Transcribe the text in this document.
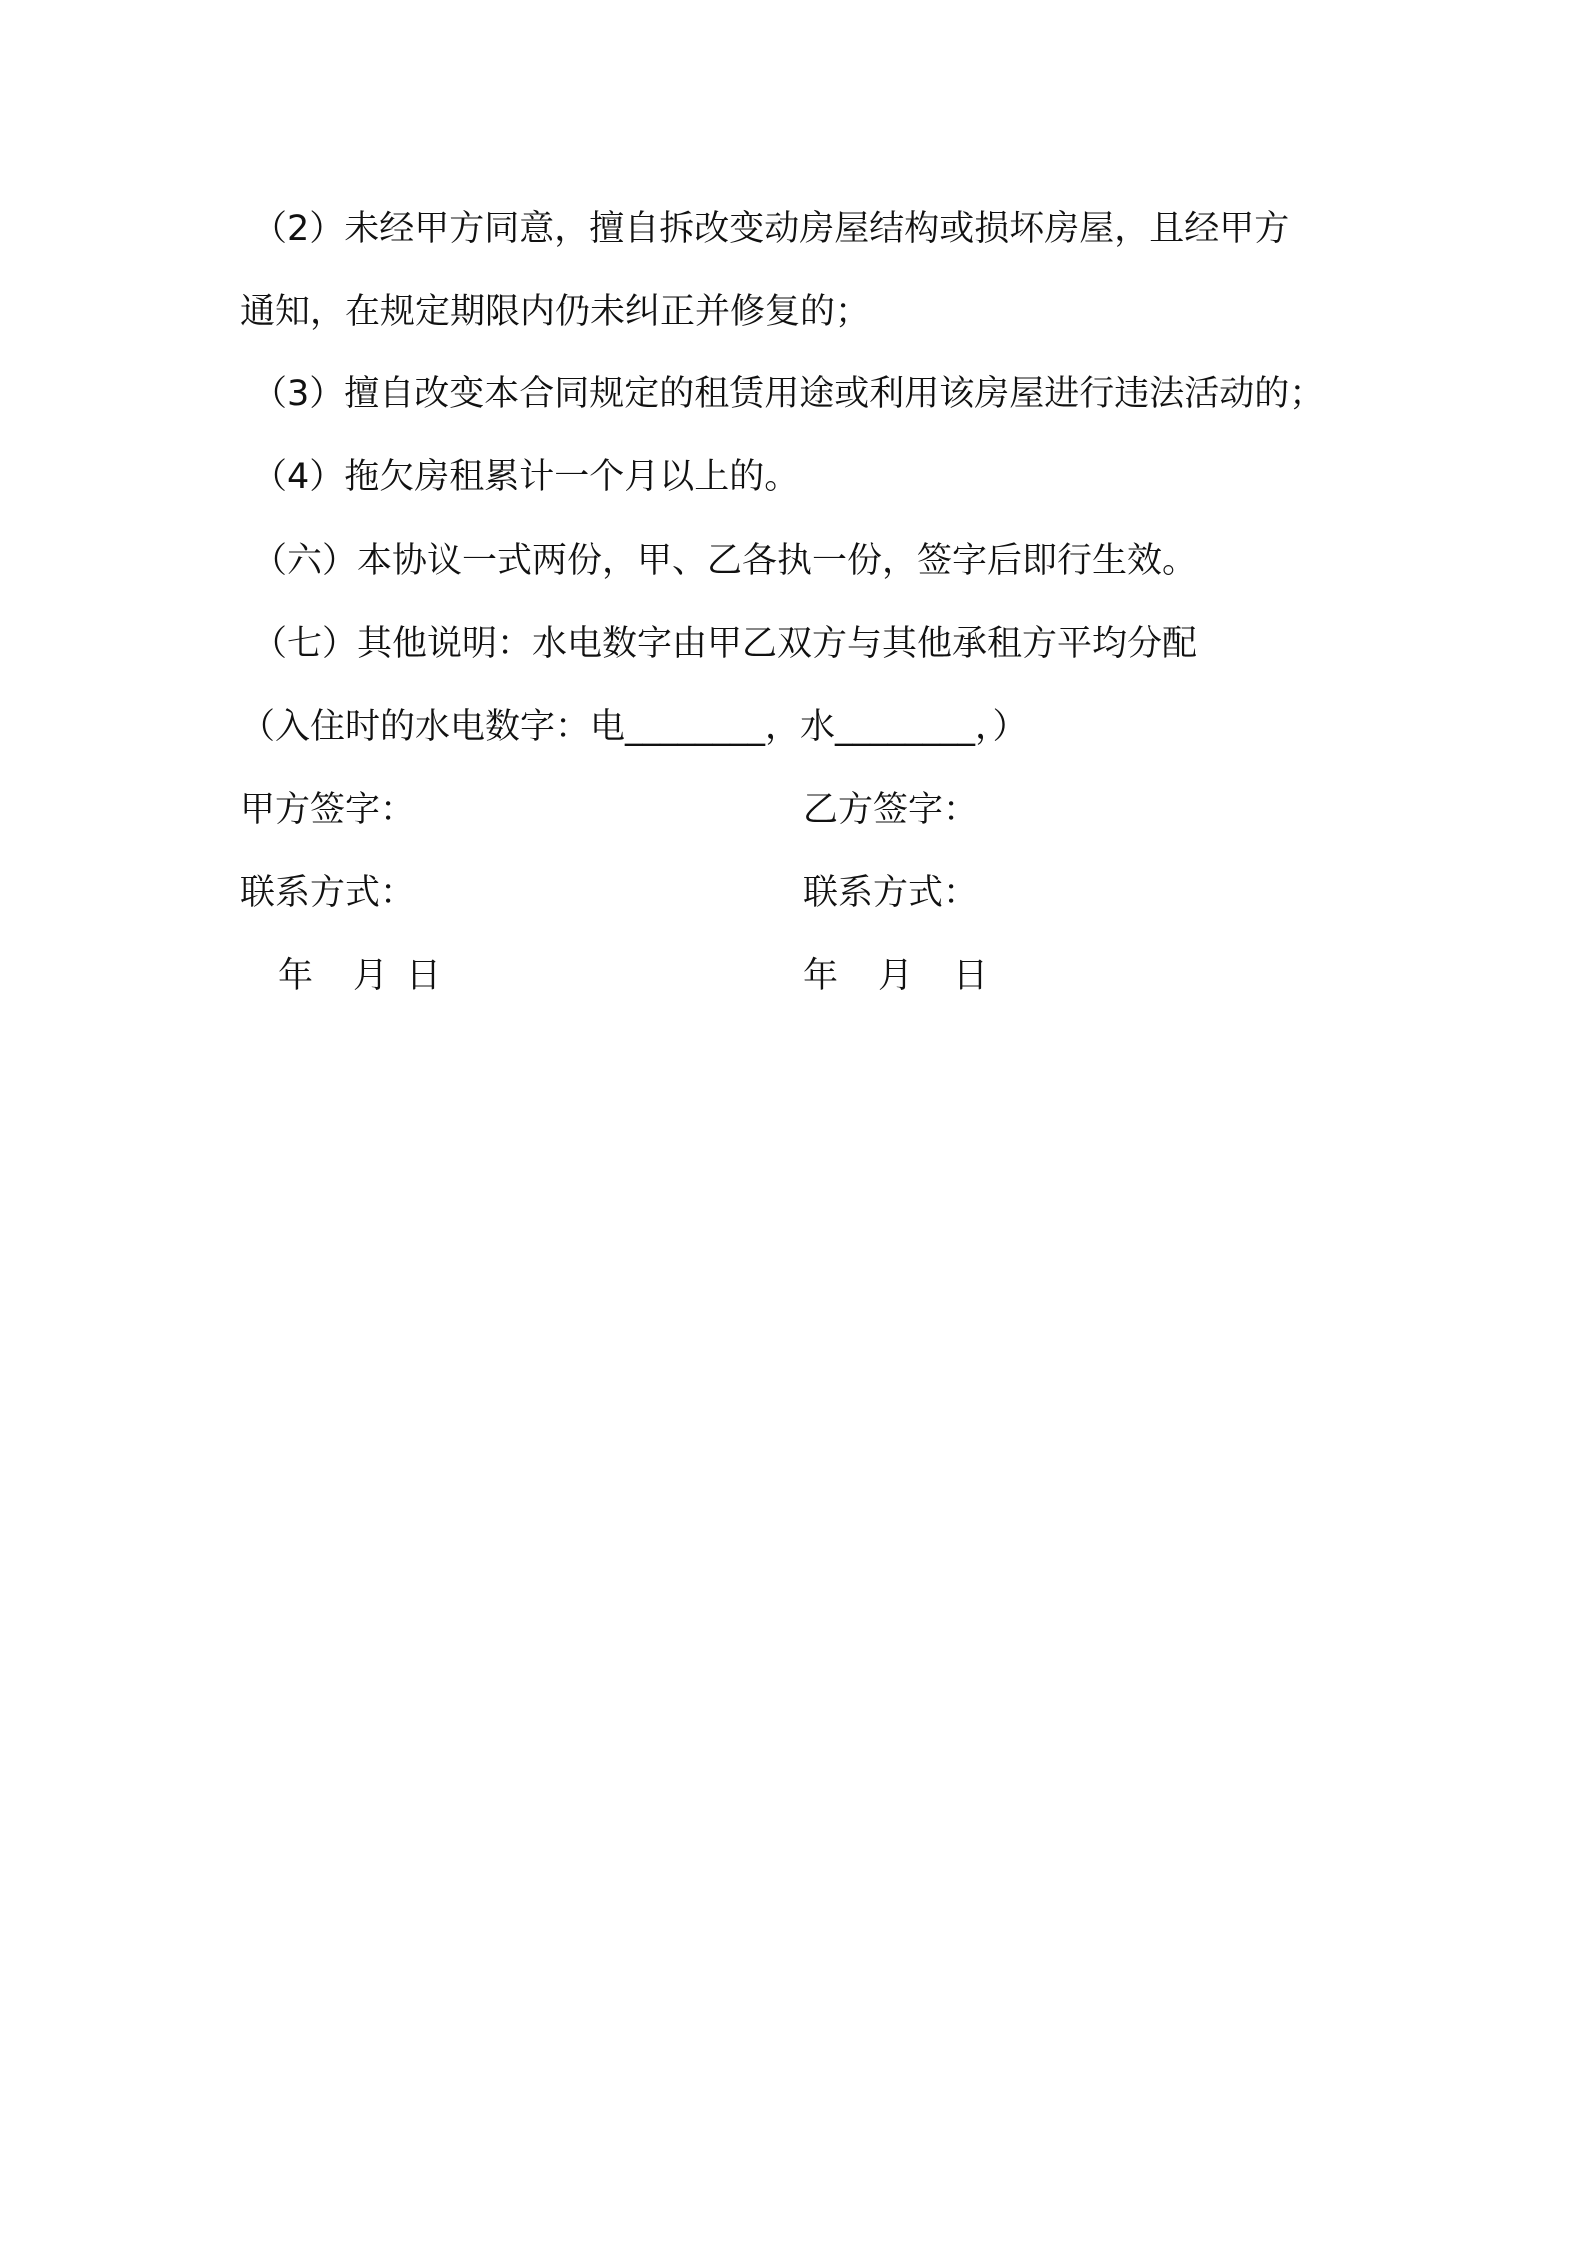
（2）未经甲方同意，擅自拆改变动房屋结构或损坏房屋，且经甲方
通知，在规定期限内仍未纠正并修复的；
（3）擅自改变本合同规定的租赁用途或利用该房屋进行违法活动的；
（4）拖欠房租累计一个月以上的。
（六）本协议一式两份，甲、乙各执一份，签字后即行生效。
（七）其他说明：水电数字由甲乙双方与其他承租方平均分配
（入住时的水电数字：电________，水________，）
甲方签字：	乙方签字：
联系方式：	联系方式：
年 月 日	年 月 日
